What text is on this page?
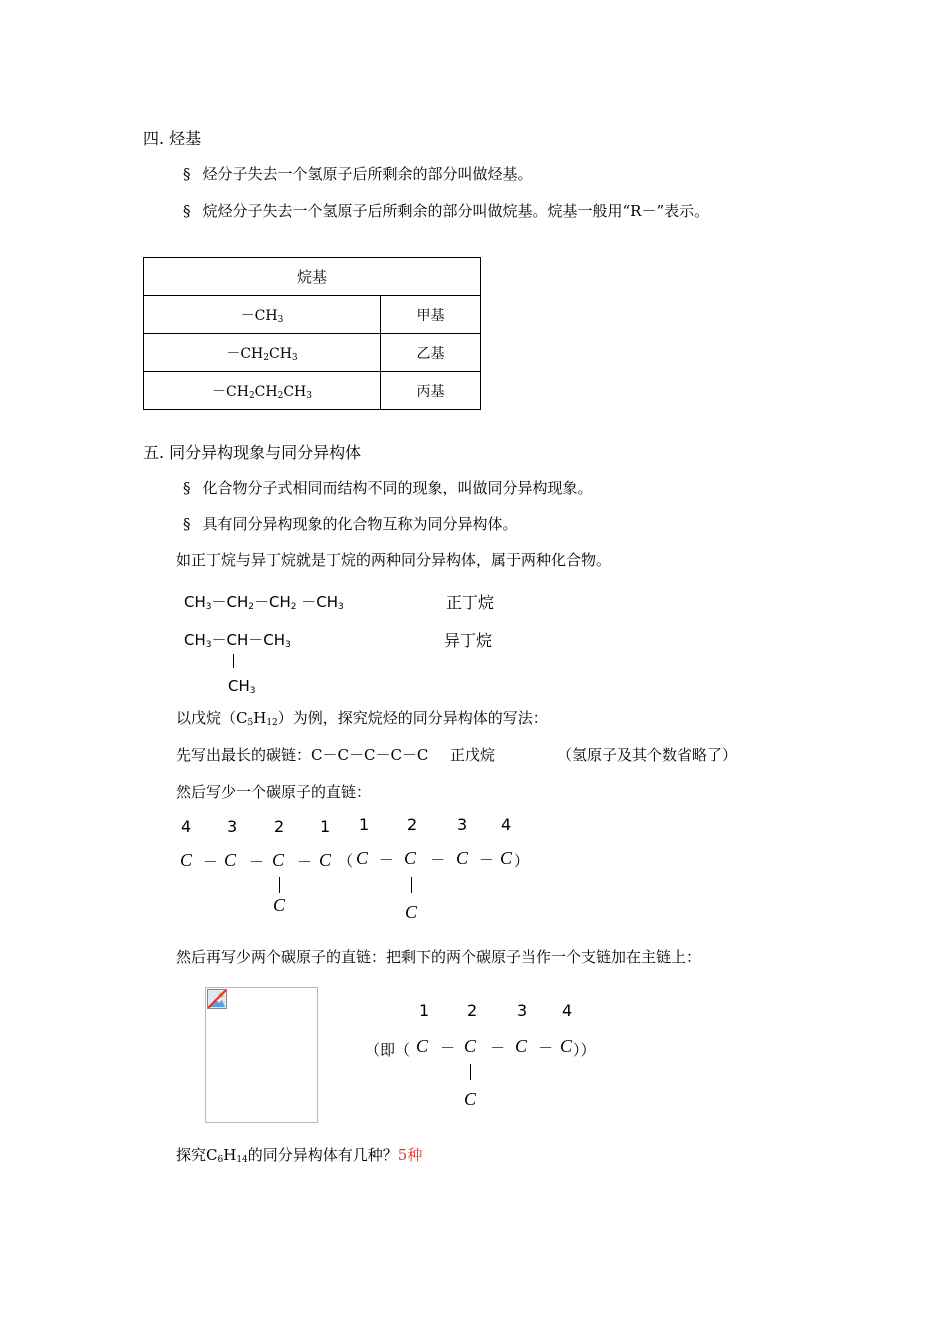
四. 烃基
§ 烃分子失去一个氢原子后所剩余的部分叫做烃基。
§ 烷烃分子失去一个氢原子后所剩余的部分叫做烷基。烷基一般用“R－”表示。
烷基	
$-CH_3$	甲基
$-CH_2CH_3$	乙基
$-CH_2CH_2CH_3$	丙基
五. 同分异构现象与同分异构体
§ 化合物分子式相同而结构不同的现象，叫做同分异构现象。
§ 具有同分异构现象的化合物互称为同分异构体。
如正丁烷与异丁烷就是丁烷的两种同分异构体，属于两种化合物。
$CH_3-CH_2-CH_2 -CH_3$	正丁烷
$CH_3-CH-CH_3$	异丁烷
$CH_3$
以戊烷$(C_5H_{12})$为例，探究烷烃的同分异构体的写法：
先写出最长的碳链：C－C－C－C－C 正戊烷	（氢原子及其个数省略了）
然后写少一个碳原子的直链：
4 3 2 1 1 2 3 4
C － C － C － C
C
（ C － C － C － C ）
C
然后再写少两个碳原子的直链：把剩下的两个碳原子当作一个支链加在主链上：
1 2 3 4
（即（ C － C － C － C ））
C
探究$C_6H_{14}$的同分异构体有几种？5种
